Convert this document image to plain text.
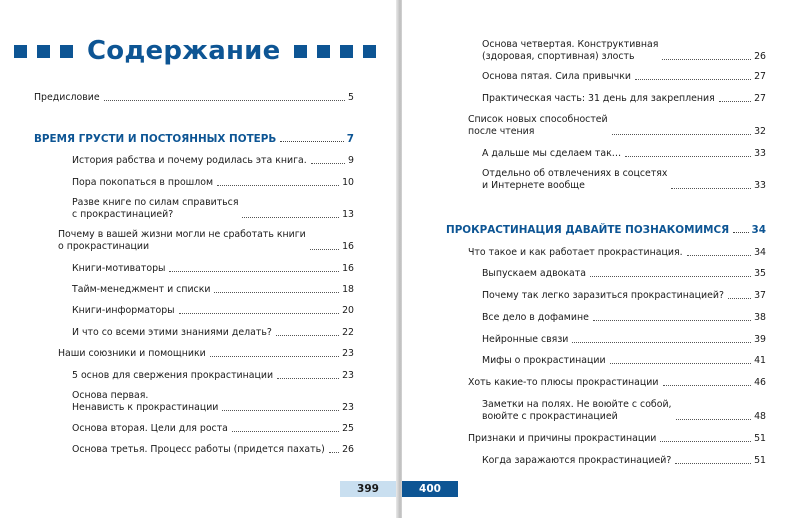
Содержание
Предисловие	5
ВРЕМЯ ГРУСТИ И ПОСТОЯННЫХ ПОТЕРЬ	7
История рабства и почему родилась эта книга.	9
Пора покопаться в прошлом	10
Разве книге по силам справиться
с прокрастинацией?	13
Почему в вашей жизни могли не сработать книги
о прокрастинации	16
Книги-мотиваторы	16
Тайм-менеджмент и списки	18
Книги-информаторы	20
И что со всеми этими знаниями делать?	22
Наши союзники и помощники	23
5 основ для свержения прокрастинации	23
Основа первая.
Ненависть к прокрастинации	23
Основа вторая. Цели для роста	25
Основа третья. Процесс работы (придется пахать) 26
399
Основа четвертая. Конструктивная
(здоровая, спортивная) злость	26
Основа пятая. Сила привычки	27
Практическая часть: 31 день для закрепления	27
Список новых способностей
после чтения	32
А дальше мы сделаем так…	33
Отдельно об отвлечениях в соцсетях
и Интернете вообще	33
ПРОКРАСТИНАЦИЯ ДАВАЙТЕ ПОЗНАКОМИМСЯ 34
Что такое и как работает прокрастинация.	34
Выпускаем адвоката	35
Почему так легко заразиться прокрастинацией?	37
Все дело в дофамине	38
Нейронные связи	39
Мифы о прокрастинации	41
Хоть какие-то плюсы прокрастинации	46
Заметки на полях. Не воюйте с собой,
воюйте с прокрастинацией	48
Признаки и причины прокрастинации	51
Когда заражаются прокрастинацией?	51
400
